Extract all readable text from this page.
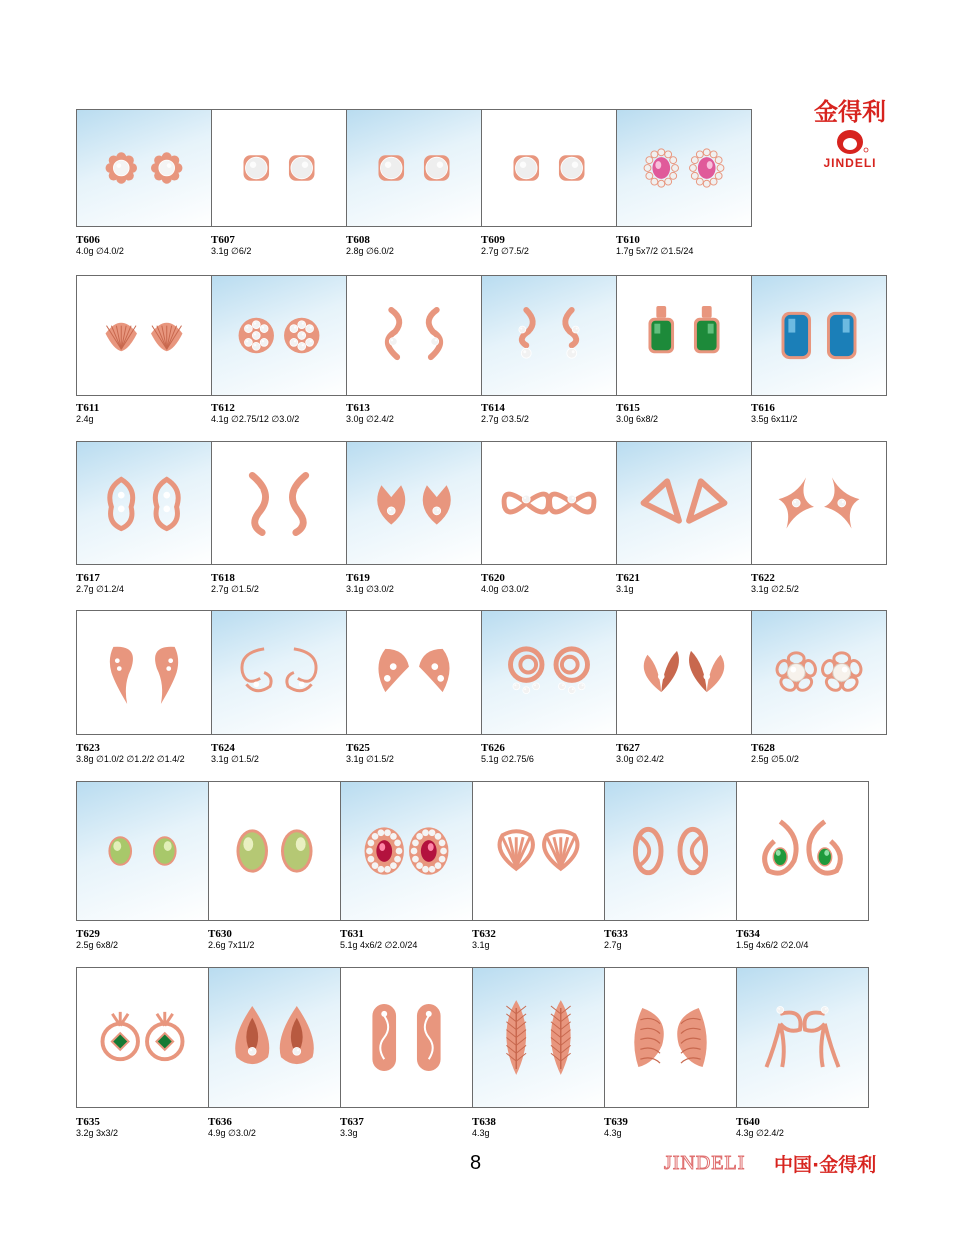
金得利
JINDELI
T606
4.0g ∅4.0/2
T607
3.1g ∅6/2
T608
2.8g ∅6.0/2
T609
2.7g ∅7.5/2
T610
1.7g 5x7/2 ∅1.5/24
T611
2.4g
T612
4.1g ∅2.75/12 ∅3.0/2
T613
3.0g ∅2.4/2
T614
2.7g ∅3.5/2
T615
3.0g 6x8/2
T616
3.5g 6x11/2
T617
2.7g ∅1.2/4
T618
2.7g ∅1.5/2
T619
3.1g ∅3.0/2
T620
4.0g ∅3.0/2
T621
3.1g
T622
3.1g ∅2.5/2
T623
3.8g ∅1.0/2 ∅1.2/2 ∅1.4/2
T624
3.1g ∅1.5/2
T625
3.1g ∅1.5/2
T626
5.1g ∅2.75/6
T627
3.0g ∅2.4/2
T628
2.5g ∅5.0/2
T629
2.5g 6x8/2
T630
2.6g 7x11/2
T631
5.1g 4x6/2 ∅2.0/24
T632
3.1g
T633
2.7g
T634
1.5g 4x6/2 ∅2.0/4
T635
3.2g 3x3/2
T636
4.9g ∅3.0/2
T637
3.3g
T638
4.3g
T639
4.3g
T640
4.3g ∅2.4/2
8	JINDELI 中国·金得利
